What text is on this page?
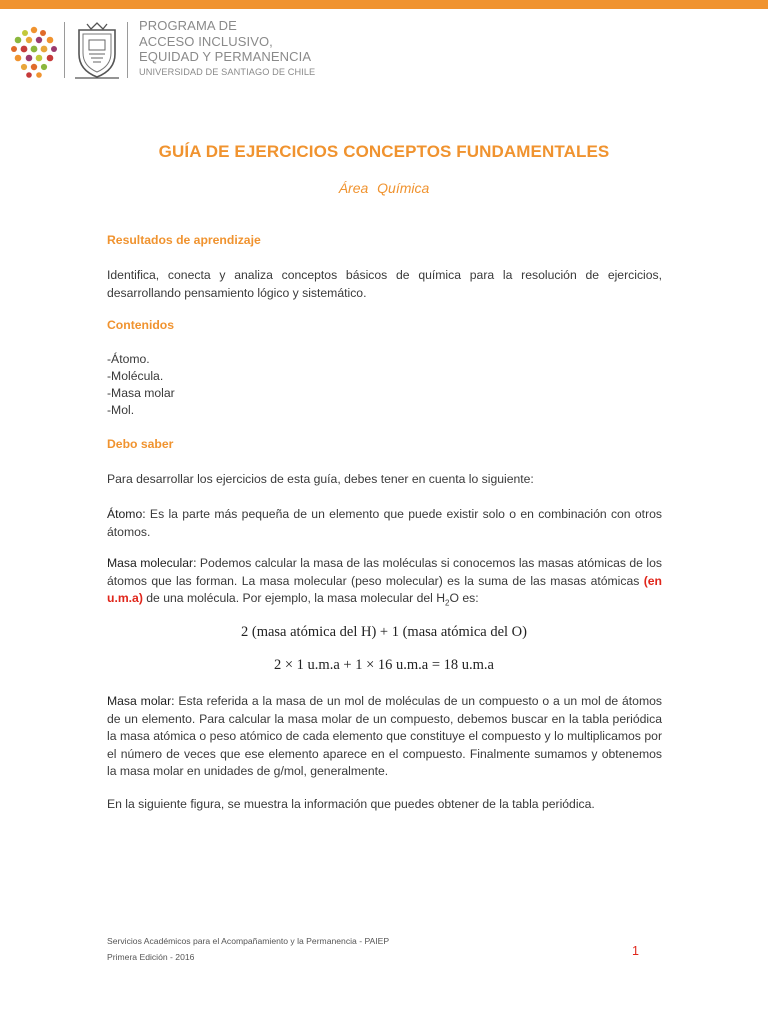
PROGRAMA DE
ACCESO INCLUSIVO,
EQUIDAD Y PERMANENCIA
UNIVERSIDAD DE SANTIAGO DE CHILE
GUÍA DE EJERCICIOS CONCEPTOS FUNDAMENTALES
Área Química
Resultados de aprendizaje
Identifica, conecta y analiza conceptos básicos de química para la resolución de ejercicios, desarrollando pensamiento lógico y sistemático.
Contenidos
-Átomo.
-Molécula.
-Masa molar
-Mol.
Debo saber
Para desarrollar los ejercicios de esta guía, debes tener en cuenta lo siguiente:
Átomo: Es la parte más pequeña de un elemento que puede existir solo o en combinación con otros átomos.
Masa molecular: Podemos calcular la masa de las moléculas si conocemos las masas atómicas de los átomos que las forman. La masa molecular (peso molecular) es la suma de las masas atómicas (en u.m.a) de una molécula. Por ejemplo, la masa molecular del $H_2O$ es:
2 (masa atómica del H) + 1 (masa atómica del O)
2 × 1 u.m.a + 1 × 16 u.m.a = 18 u.m.a
Masa molar: Esta referida a la masa de un mol de moléculas de un compuesto o a un mol de átomos de un elemento. Para calcular la masa molar de un compuesto, debemos buscar en la tabla periódica la masa atómica o peso atómico de cada elemento que constituye el compuesto y lo multiplicamos por el número de veces que ese elemento aparece en el compuesto. Finalmente sumamos y obtenemos la masa molar en unidades de g/mol, generalmente.
En la siguiente figura, se muestra la información que puedes obtener de la tabla periódica.
Servicios Académicos para el Acompañamiento y la Permanencia - PAIEP
Primera Edición - 2016	1
